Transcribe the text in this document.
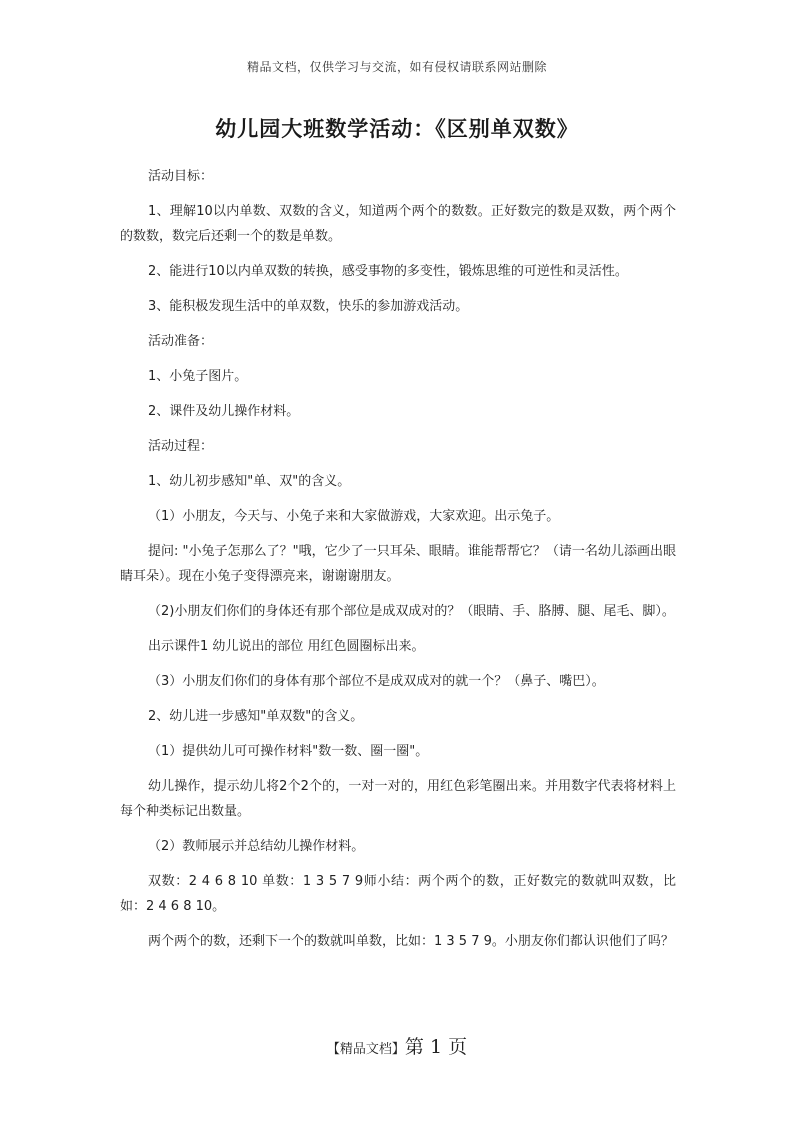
精品文档，仅供学习与交流，如有侵权请联系网站删除
幼儿园大班数学活动：《区别单双数》

活动目标：

1、理解10以内单数、双数的含义，知道两个两个的数数。正好数完的数是双数，两个两个的数数，数完后还剩一个的数是单数。

2、能进行10以内单双数的转换，感受事物的多变性，锻炼思维的可逆性和灵活性。

3、能积极发现生活中的单双数，快乐的参加游戏活动。

活动准备：

1、小兔子图片。

2、课件及幼儿操作材料。

活动过程：

1、幼儿初步感知"单、双"的含义。

（1）小朋友，今天与、小兔子来和大家做游戏，大家欢迎。出示兔子。

提问: "小兔子怎那么了？"哦，它少了一只耳朵、眼睛。谁能帮帮它？（请一名幼儿添画出眼睛耳朵）。现在小兔子变得漂亮来，谢谢谢朋友。

（2)小朋友们你们的身体还有那个部位是成双成对的？（眼睛、手、胳膊、腿、尾毛、脚）。

出示课件1 幼儿说出的部位 用红色圆圈标出来。

（3）小朋友们你们的身体有那个部位不是成双成对的就一个？（鼻子、嘴巴）。

2、幼儿进一步感知"单双数"的含义。

（1）提供幼儿可可操作材料"数一数、圈一圈"。

幼儿操作，提示幼儿将2个2个的，一对一对的，用红色彩笔圈出来。并用数字代表将材料上每个种类标记出数量。

（2）教师展示并总结幼儿操作材料。

双数：2 4 6 8 10 单数：1 3 5 7 9师小结：两个两个的数，正好数完的数就叫双数，比如：2 4 6 8 10。

两个两个的数，还剩下一个的数就叫单数，比如：1 3 5 7 9。小朋友你们都认识他们了吗？

【精品文档】第 1 页
